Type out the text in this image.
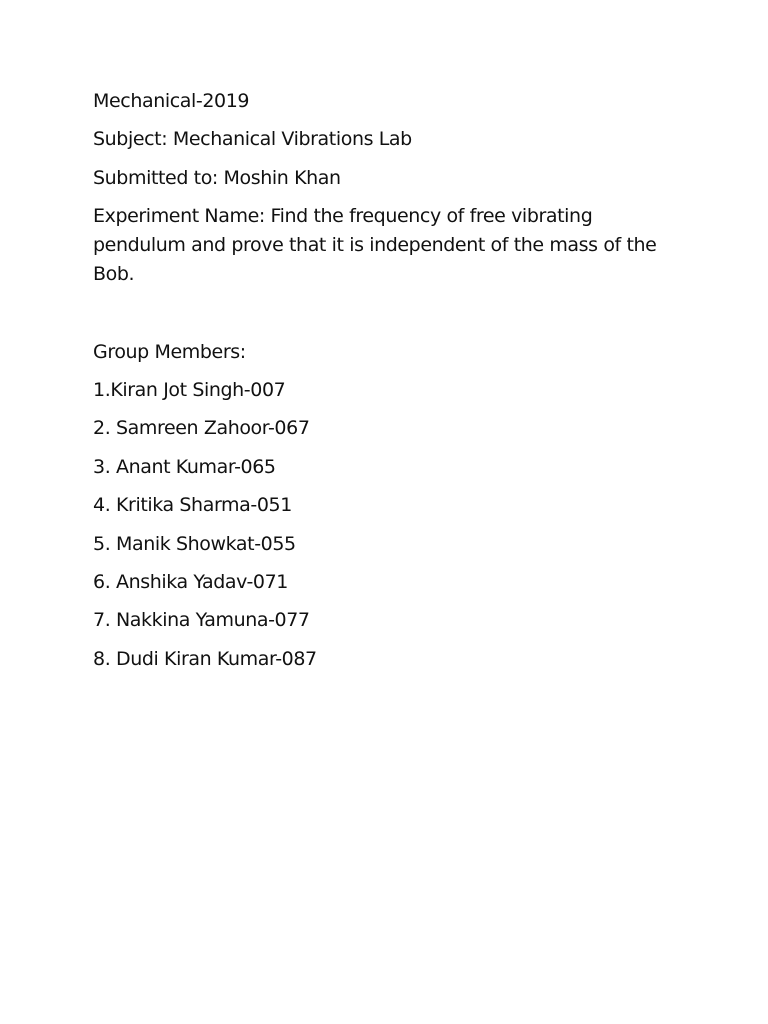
Mechanical-2019
Subject: Mechanical Vibrations Lab
Submitted to: Moshin Khan
Experiment Name: Find the frequency of free vibrating pendulum and prove that it is independent of the mass of the Bob.
Group Members:
1.Kiran Jot Singh-007
2. Samreen Zahoor-067
3. Anant Kumar-065
4. Kritika Sharma-051
5. Manik Showkat-055
6. Anshika Yadav-071
7. Nakkina Yamuna-077
8. Dudi Kiran Kumar-087
